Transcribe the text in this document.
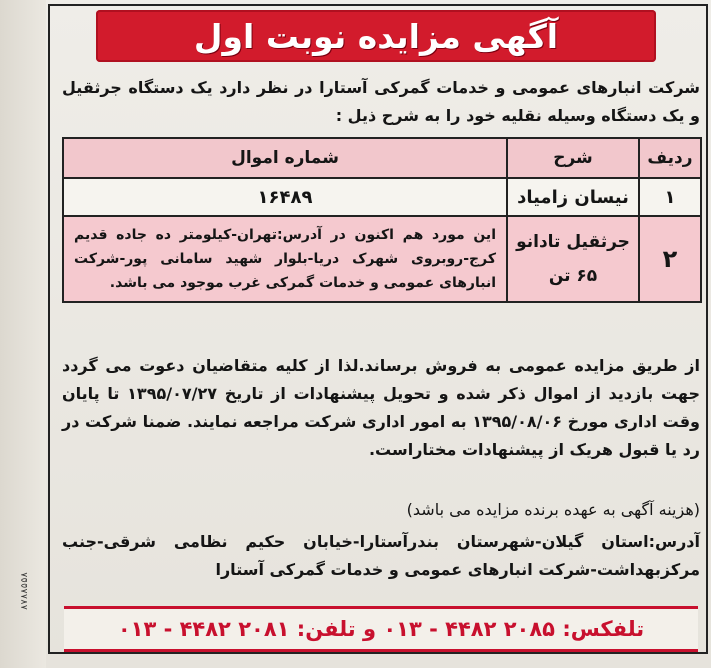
۸۷۸۸۵۵۸
آگهی مزایده نوبت اول
شرکت انبارهای عمومی و خدمات گمرکی آستارا در نظر دارد یک دستگاه جرثقیل و یک دستگاه وسیله نقلیه خود را به شرح ذیل :
ردیف	شرح	شماره اموال
۱	نیسان زامیاد	۱۶۴۸۹
۲	جرثقیل تادانو ۶۵ تن	این مورد هم اکنون در آدرس:تهران-کیلومتر ده جاده قدیم کرج-روبروی شهرک دریا-بلوار شهید سامانی پور-شرکت انبارهای عمومی و خدمات گمرکی غرب موجود می باشد.
از طریق مزایده عمومی به فروش برساند.لذا از کلیه متقاضیان دعوت می گردد جهت بازدید از اموال ذکر شده و تحویل پیشنهادات از تاریخ ۱۳۹۵/۰۷/۲۷ تا پایان وقت اداری مورخ ۱۳۹۵/۰۸/۰۶ به امور اداری شرکت مراجعه نمایند. ضمنا شرکت در رد یا قبول هریک از پیشنهادات مختاراست.
(هزینه آگهی به عهده برنده مزایده می باشد)
آدرس:استان گیلان-شهرستان بندرآستارا-خیابان حکیم نظامی شرقی-جنب مرکزبهداشت-شرکت انبارهای عمومی و خدمات گمرکی آستارا
تلفکس: ۲۰۸۵ ۴۴۸۲ - ۰۱۳ و تلفن: ۲۰۸۱ ۴۴۸۲ - ۰۱۳
